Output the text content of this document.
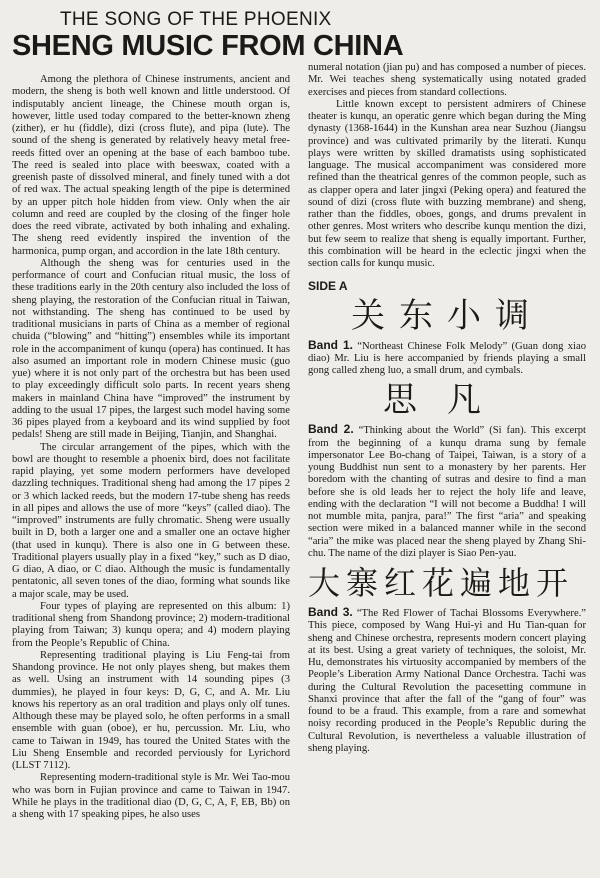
THE SONG OF THE PHOENIX
SHENG MUSIC FROM CHINA

Among the plethora of Chinese instruments, ancient and modern, the sheng is both well known and little understood. Of indisputably ancient lineage, the Chinese mouth organ is, however, little used today compared to the better-known zheng (zither), er hu (fiddle), dizi (cross flute), and pipa (lute). The sound of the sheng is generated by relatively heavy metal free-reeds fitted over an opening at the base of each bamboo tube. The reed is sealed into place with beeswax, coated with a greenish paste of dissolved mineral, and finely tuned with a dot of red wax. The actual speaking length of the pipe is determined by an upper pitch hole hidden from view. Only when the air column and reed are coupled by the closing of the finger hole does the reed vibrate, activated by both inhaling and exhaling. The sheng reed evidently inspired the invention of the harmonica, pump organ, and accordion in the late 18th century.

Although the sheng was for centuries used in the performance of court and Confucian ritual music, the loss of these traditions early in the 20th century also included the loss of sheng playing, the restoration of the Confucian ritual in Taiwan, not withstanding. The sheng has continued to be used by traditional musicians in parts of China as a member of regional chuida (“blowing” and “hitting”) ensembles while its important role in the accompaniment of kunqu (opera) has continued. It has also asumed an important role in modern Chinese music (guo yue) where it is not only part of the orchestra but has been used to play exceedingly difficult solo parts. In recent years sheng makers in mainland China have “improved” the instrument by adding to the usual 17 pipes, the largest such model having some 36 pipes played from a keyboard and its wind supplied by foot pedals! Sheng are still made in Beijing, Tianjin, and Shanghai.

The circular arrangement of the pipes, which with the bowl are thought to resemble a phoenix bird, does not facilitate rapid playing, yet some modern performers have developed dazzling techniques. Traditional sheng had among the 17 pipes 2 or 3 which lacked reeds, but the modern 17-tube sheng has reeds in all pipes and allows the use of more “keys” (called diao). The “improved” instruments are fully chromatic. Sheng were usually built in D, both a larger one and a smaller one an octave higher (that used in kunqu). There is also one in G between these. Traditional players usually play in a fixed “key,” such as D diao, G diao, A diao, or C diao. Although the music is fundamentally pentatonic, all seven tones of the diao, forming what sounds like a major scale, may be used.

Four types of playing are represented on this album: 1) traditional sheng from Shandong province; 2) modern-traditional playing from Taiwan; 3) kunqu opera; and 4) modern playing from the People’s Republic of China.

Representing traditional playing is Liu Feng-tai from Shandong province. He not only playes sheng, but makes them as well. Using an instrument with 14 sounding pipes (3 dummies), he played in four keys: D, G, C, and A. Mr. Liu knows his repertory as an oral tradition and plays only olf tunes. Although these may be played solo, he often performs in a small ensemble with guan (oboe), er hu, percussion. Mr. Liu, who came to Taiwan in 1949, has toured the United States with the Liu Sheng Ensemble and recorded perviously for Lyrichord (LLST 7112).

Representing modern-traditional style is Mr. Wei Tao-mou who was born in Fujian province and came to Taiwan in 1947. While he plays in the traditional diao (D, G, C, A, F, EB, Bb) on a sheng with 17 speaking pipes, he also uses

numeral notation (jian pu) and has composed a number of pieces. Mr. Wei teaches sheng systematically using notated graded exercises and pieces from standard collections.

Little known except to persistent admirers of Chinese theater is kunqu, an operatic genre which began during the Ming dynasty (1368-1644) in the Kunshan area near Suzhou (Jiangsu province) and was cultivated primarily by the literati. Kunqu plays were written by skilled dramatists using sophisticated language. The musical accompaniment was considered more refined than the theatrical genres of the common people, such as as clapper opera and later jingxi (Peking opera) and featured the sound of dizi (cross flute with buzzing membrane) and sheng, rather than the fiddles, oboes, gongs, and drums prevalent in other genres. Most writers who describe kunqu mention the dizi, but few seem to realize that sheng is equally important. Further, this combination will be heard in the eclectic jingxi when the section calls for kunqu music.

SIDE A
关东小调

Band 1. “Northeast Chinese Folk Melody” (Guan dong xiao diao) Mr. Liu is here accompanied by friends playing a small gong called zheng luo, a small drum, and cymbals.

思凡

Band 2. “Thinking about the World” (Si fan). This excerpt from the beginning of a kunqu drama sung by female impersonator Lee Bo-chang of Taipei, Taiwan, is a story of a young Buddhist nun sent to a monastery by her parents. Her boredom with the chanting of sutras and desire to find a man before she is old leads her to reject the holy life and leave, ending with the declaration “I will not become a Buddha! I will not mumble mita, panjra, para!” The first “aria” and speaking section were miked in a balanced manner while in the second “aria” the mike was placed near the sheng played by Zhang Shi-chu. The name of the dizi player is Siao Pen-yau.

大寨红花遍地开

Band 3. “The Red Flower of Tachai Blossoms Everywhere.” This piece, composed by Wang Hui-yi and Hu Tian-quan for sheng and Chinese orchestra, represents modern concert playing at its best. Using a great variety of techniques, the soloist, Mr. Hu, demonstrates his virtuosity accompanied by members of the People’s Liberation Army National Dance Orchestra. Tachi was during the Cultural Revolution the pacesetting commune in Shanxi province that after the fall of the “gang of four” was found to be a fraud. This example, from a rare and somewhat noisy recording produced in the People’s Republic during the Cultural Revolution, is nevertheless a valuable illustration of sheng playing.
